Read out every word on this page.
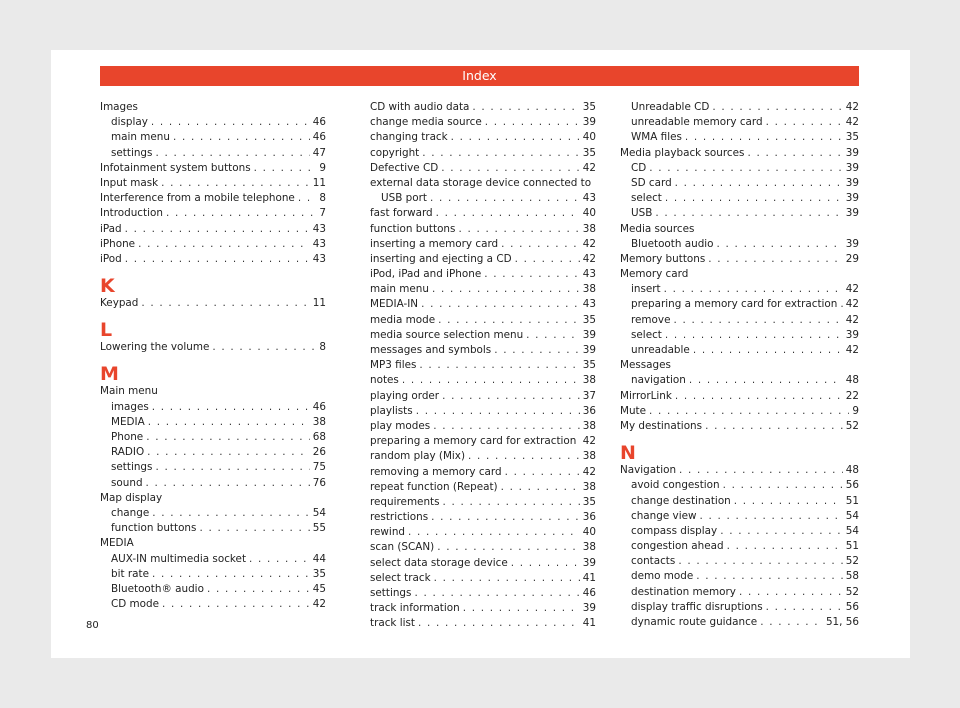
Index
Images
display . . .	46
main menu . . .	46
settings . . .	47
Infotainment system buttons . . .	9
Input mask . . .	11
Interference from a mobile telephone . . . 8
Introduction . . .	7
iPad . . .	43
iPhone . . .	43
iPod . . .	43
K
Keypad . . .	11
L
Lowering the volume . . .	8
M
Main menu
images . . .	46
MEDIA . . .	38
Phone . . .	68
RADIO . . .	26
settings . . .	75
sound . . .	76
Map display
change . . .	54
function buttons . . .	55
MEDIA
AUX-IN multimedia socket . . .	44
bit rate . . .	35
Bluetooth® audio . . .	45
CD mode . . .	42
CD with audio data . . .	35
change media source . . .	39
changing track . . .	40
copyright . . .	35
Defective CD . . .	42
external data storage device connected to
USB port . . .	43
fast forward . . .	40
function buttons . . .	38
inserting a memory card . . .	42
inserting and ejecting a CD . . .	42
iPod, iPad and iPhone . . .	43
main menu . . .	38
MEDIA-IN . . .	43
media mode . . .	35
media source selection menu . . .	39
messages and symbols . . .	39
MP3 files . . .	35
notes . . .	38
playing order . . .	37
playlists . . .	36
play modes . . .	38
preparing a memory card for extraction . . . 42
random play (Mix) . . .	38
removing a memory card . . .	42
repeat function (Repeat) . . .	38
requirements . . .	35
restrictions . . .	36
rewind . . .	40
scan (SCAN) . . .	38
select data storage device . . .	39
select track . . .	41
settings . . .	46
track information . . .	39
track list . . .	41
Unreadable CD . . .	42
unreadable memory card . . .	42
WMA files . . .	35
Media playback sources . . .	39
CD . . .	39
SD card . . .	39
select . . .	39
USB . . .	39
Media sources
Bluetooth audio . . .	39
Memory buttons . . .	29
Memory card
insert . . .	42
preparing a memory card for extraction . . . 42
remove . . .	42
select . . .	39
unreadable . . .	42
Messages
navigation . . .	48
MirrorLink . . .	22
Mute . . .	9
My destinations . . .	52
N
Navigation . . .	48
avoid congestion . . .	56
change destination . . .	51
change view . . .	54
compass display . . .	54
congestion ahead . . .	51
contacts . . .	52
demo mode . . .	58
destination memory . . .	52
display traffic disruptions . . .	56
dynamic route guidance . . .	51, 56
80
